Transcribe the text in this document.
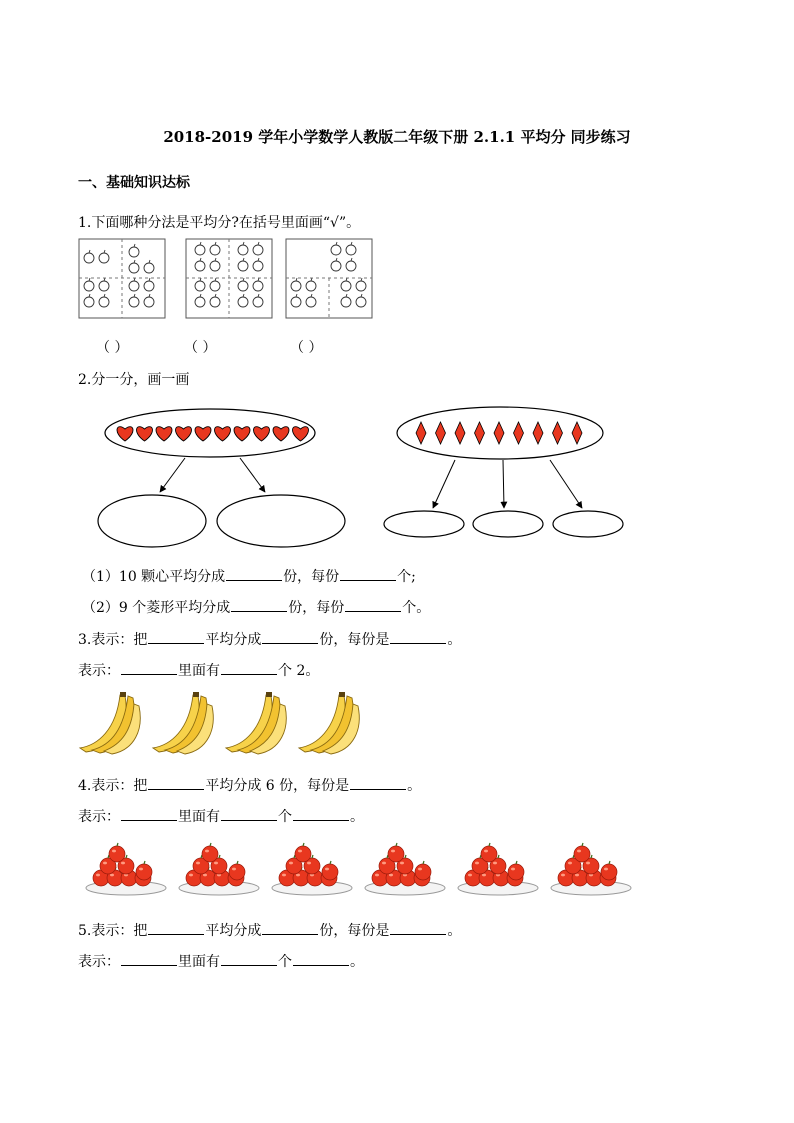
2018-2019 学年小学数学人教版二年级下册 2.1.1 平均分 同步练习
一、基础知识达标
1.下面哪种分法是平均分?在括号里面画“√”。
（ ）	（ ）	（ ）
2.分一分，画一画
（1）10 颗心平均分成	份，每份	个;
（2）9 个菱形平均分成	份，每份	个。
3.表示：把	平均分成	份，每份是	。
表示：	里面有	个 2。
4.表示：把	平均分成 6 份，每份是	。
表示：	里面有	个	。
5.表示：把	平均分成	份，每份是	。
表示：	里面有	个	。
